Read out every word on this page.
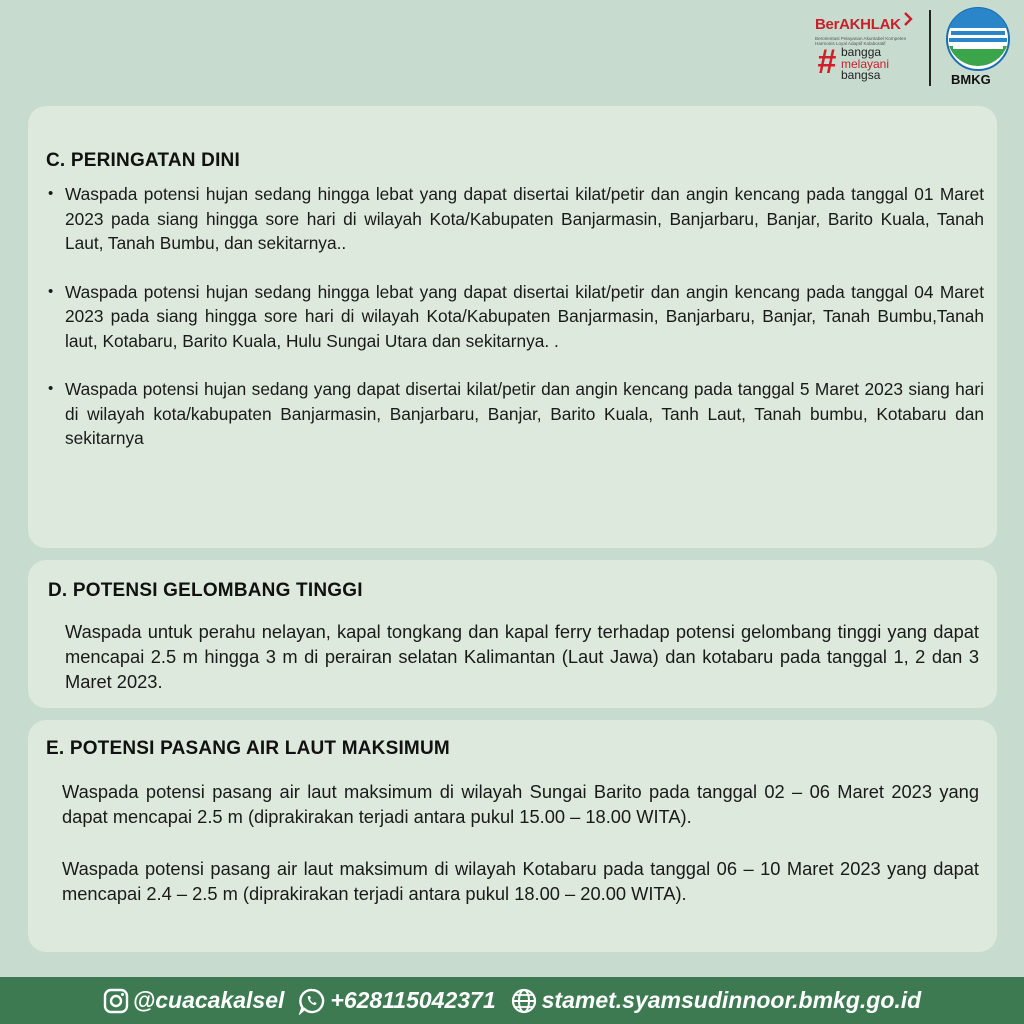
BerAKHLAK
Berorientasi Pelayanan Akuntabel Kompeten Harmonis Loyal Adaptif Kolaboratif
# bangga
melayani
bangsa	BMKG
C. PERINGATAN DINI
• Waspada potensi hujan sedang hingga lebat yang dapat disertai kilat/petir dan angin kencang pada tanggal 01 Maret 2023 pada siang hingga sore hari di wilayah Kota/Kabupaten Banjarmasin, Banjarbaru, Banjar, Barito Kuala, Tanah Laut, Tanah Bumbu, dan sekitarnya..
• Waspada potensi hujan sedang hingga lebat yang dapat disertai kilat/petir dan angin kencang pada tanggal 04 Maret 2023 pada siang hingga sore hari di wilayah Kota/Kabupaten Banjarmasin, Banjarbaru, Banjar, Tanah Bumbu,Tanah laut, Kotabaru, Barito Kuala, Hulu Sungai Utara dan sekitarnya. .
• Waspada potensi hujan sedang yang dapat disertai kilat/petir dan angin kencang pada tanggal 5 Maret 2023 siang hari di wilayah kota/kabupaten Banjarmasin, Banjarbaru, Banjar, Barito Kuala, Tanh Laut, Tanah bumbu, Kotabaru dan sekitarnya
D. POTENSI GELOMBANG TINGGI

Waspada untuk perahu nelayan, kapal tongkang dan kapal ferry terhadap potensi gelombang tinggi yang dapat mencapai 2.5 m hingga 3 m di perairan selatan Kalimantan (Laut Jawa) dan kotabaru pada tanggal 1, 2 dan 3 Maret 2023.

E. POTENSI PASANG AIR LAUT MAKSIMUM

Waspada potensi pasang air laut maksimum di wilayah Sungai Barito pada tanggal 02 – 06 Maret 2023 yang dapat mencapai 2.5 m (diprakirakan terjadi antara pukul 15.00 – 18.00 WITA).

Waspada potensi pasang air laut maksimum di wilayah Kotabaru pada tanggal 06 – 10 Maret 2023 yang dapat mencapai 2.4 – 2.5 m (diprakirakan terjadi antara pukul 18.00 – 20.00 WITA).

@cuacakalsel +628115042371 stamet.syamsudinnoor.bmkg.go.id
